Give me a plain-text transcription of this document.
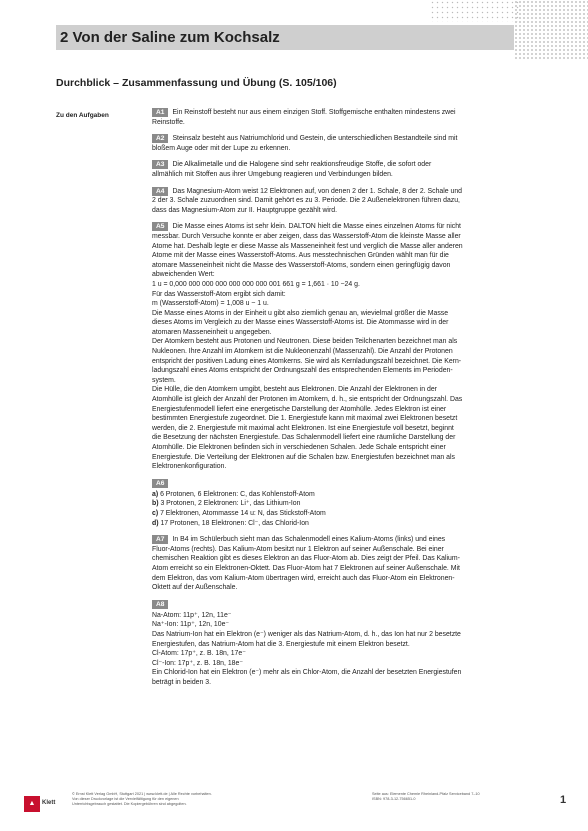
2 Von der Saline zum Kochsalz
Durchblick – Zusammenfassung und Übung (S. 105/106)
Zu den Aufgaben	A1 Ein Reinstoff besteht nur aus einem einzigen Stoff. Stoffgemische enthalten mindestens zwei
Reinstoffe.
A2 Steinsalz besteht aus Natriumchlorid und Gestein, die unterschiedlichen Bestandteile sind mit
bloßem Auge oder mit der Lupe zu erkennen.
A3 Die Alkalimetalle und die Halogene sind sehr reaktionsfreudige Stoffe, die sofort oder
allmählich mit Stoffen aus ihrer Umgebung reagieren und Verbindungen bilden.
A4 Das Magnesium-Atom weist 12 Elektronen auf, von denen 2 der 1. Schale, 8 der 2. Schale und
2 der 3. Schale zuzuordnen sind. Damit gehört es zu 3. Periode. Die 2 Außenelektronen führen dazu,
dass das Magnesium-Atom zur II. Hauptgruppe gezählt wird.
A5 Die Masse eines Atoms ist sehr klein. DALTON hielt die Masse eines einzelnen Atoms für nicht
messbar. Durch Versuche konnte er aber zeigen, dass das Wasserstoff-Atom die kleinste Masse aller
Atome hat. Deshalb legte er diese Masse als Masseneinheit fest und verglich die Masse aller anderen
Atome mit der Masse eines Wasserstoff-Atoms. Aus messtechnischen Gründen wählt man für die
atomare Masseneinheit nicht die Masse des Wasserstoff-Atoms, sondern einen geringfügig davon
abweichenden Wert:
1 u = 0,000 000 000 000 000 000 000 001 661 g = 1,661 · 10 −24 g.
Für das Wasserstoff-Atom ergibt sich damit:
m (Wasserstoff-Atom) = 1,008 u ~ 1 u.
Die Masse eines Atoms in der Einheit u gibt also ziemlich genau an, wievielmal größer die Masse
dieses Atoms im Vergleich zu der Masse eines Wasserstoff-Atoms ist. Die Atommasse wird in der
atomaren Masseneinheit u angegeben.
Der Atomkern besteht aus Protonen und Neutronen. Diese beiden Teilchenarten bezeichnet man als
Nukleonen. Ihre Anzahl im Atomkern ist die Nukleonenzahl (Massenzahl). Die Anzahl der Protonen
entspricht der positiven Ladung eines Atomkerns. Sie wird als Kernladungszahl bezeichnet. Die Kern-
ladungszahl eines Atoms entspricht der Ordnungszahl des entsprechenden Elements im Perioden-
system.
Die Hülle, die den Atomkern umgibt, besteht aus Elektronen. Die Anzahl der Elektronen in der
Atomhülle ist gleich der Anzahl der Protonen im Atomkern, d. h., sie entspricht der Ordnungszahl. Das
Energiestufenmodell liefert eine energetische Darstellung der Atomhülle. Jedes Elektron ist einer
bestimmten Energiestufe zugeordnet. Die 1. Energiestufe kann mit maximal zwei Elektronen besetzt
werden, die 2. Energiestufe mit maximal acht Elektronen. Ist eine Energiestufe voll besetzt, beginnt
die Besetzung der nächsten Energiestufe. Das Schalenmodell liefert eine räumliche Darstellung der
Atomhülle. Die Elektronen befinden sich in verschiedenen Schalen. Jede Schale entspricht einer
Energiestufe. Die Verteilung der Elektronen auf die Schalen bzw. Energiestufen bezeichnet man als
Elektronenkonfiguration.
A6
a) 6 Protonen, 6 Elektronen: C, das Kohlenstoff-Atom
b) 3 Protonen, 2 Elektronen: Li⁺, das Lithium-Ion
c) 7 Elektronen, Atommasse 14 u: N, das Stickstoff-Atom
d) 17 Protonen, 18 Elektronen: Cl⁻, das Chlorid-Ion
A7 In B4 im Schülerbuch sieht man das Schalenmodell eines Kalium-Atoms (links) und eines
Fluor-Atoms (rechts). Das Kalium-Atom besitzt nur 1 Elektron auf seiner Außenschale. Bei einer
chemischen Reaktion gibt es dieses Elektron an das Fluor-Atom ab. Dies zeigt der Pfeil. Das Kalium-
Atom erreicht so ein Elektronen-Oktett. Das Fluor-Atom hat 7 Elektronen auf seiner Außenschale. Mit
dem Elektron, das vom Kalium-Atom übertragen wird, erreicht auch das Fluor-Atom ein Elektronen-
Oktett auf der Außenschale.
A8
Na-Atom: 11p⁺, 12n, 11e⁻
Na⁺-Ion: 11p⁺, 12n, 10e⁻
Das Natrium-Ion hat ein Elektron (e⁻) weniger als das Natrium-Atom, d. h., das Ion hat nur 2 besetzte
Energiestufen, das Natrium-Atom hat die 3. Energiestufe mit einem Elektron besetzt.
Cl-Atom: 17p⁺, z. B. 18n, 17e⁻
Cl⁻-Ion: 17p⁺, z. B. 18n, 18e⁻
Ein Chlorid-Ion hat ein Elektron (e⁻) mehr als ein Chlor-Atom, die Anzahl der besetzten Energiestufen
beträgt in beiden 3.
▲	Klett
© Ernst Klett Verlag GmbH, Stuttgart 2021 | www.klett.de | Alle Rechte vorbehalten.
Von dieser Druckvorlage ist die Vervielfältigung für den eigenen
Unterrichtsgebrauch gestattet. Die Kopiergebühren sind abgegolten.
Seite aus: Elemente Chemie Rheinland-Pfalz Serviceband 7–10
ISBN: 978-3-12-756651-0	1
